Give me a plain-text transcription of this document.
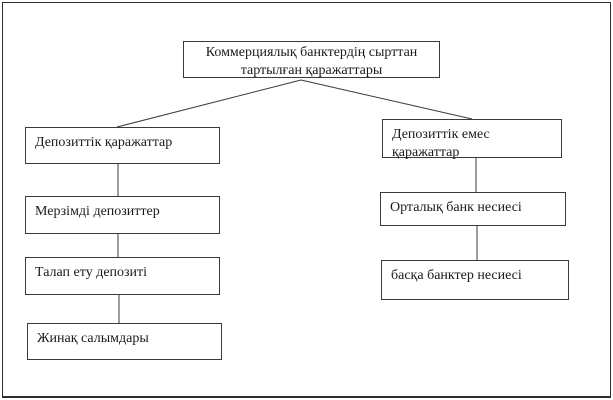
Коммерциялық банктердің сырттан тартылған қаражаттары
Депозиттік қаражаттар
Мерзімді депозиттер
Талап ету депозиті
Жинақ салымдары
Депозиттік емес қаражаттар
Орталық банк несиесі
басқа банктер несиесі
